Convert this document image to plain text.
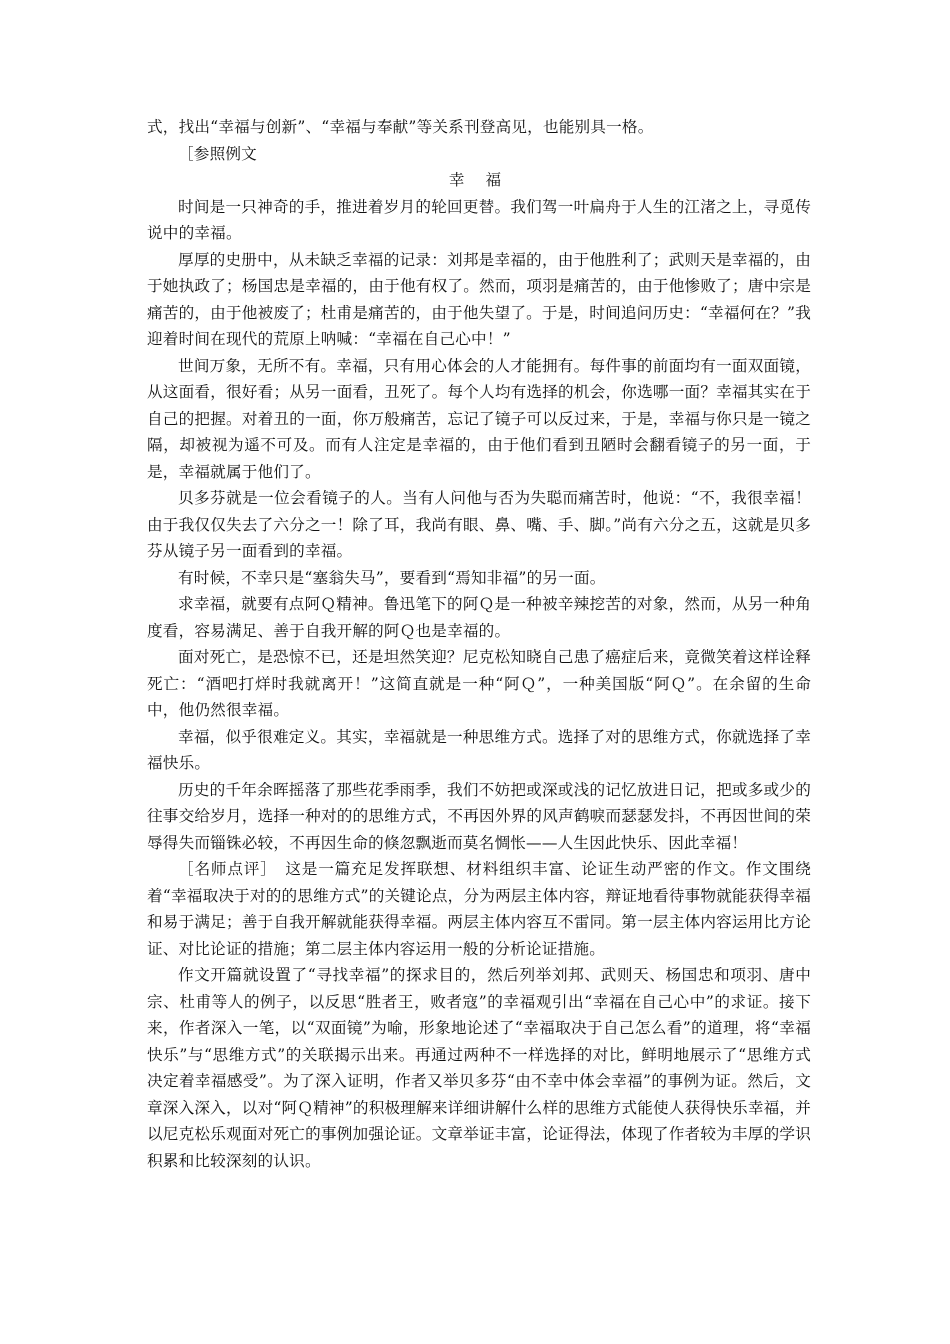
式，找出“幸福与创新”、“幸福与奉献”等关系刊登高见，也能别具一格。

［参照例文

幸 福

时间是一只神奇的手，推进着岁月的轮回更替。我们驾一叶扁舟于人生的江渚之上，寻觅传说中的幸福。

厚厚的史册中，从未缺乏幸福的记录：刘邦是幸福的，由于他胜利了；武则天是幸福的，由于她执政了；杨国忠是幸福的，由于他有权了。然而，项羽是痛苦的，由于他惨败了；唐中宗是痛苦的，由于他被废了；杜甫是痛苦的，由于他失望了。于是，时间追问历史：“幸福何在？”我迎着时间在现代的荒原上呐喊：“幸福在自己心中！”

世间万象，无所不有。幸福，只有用心体会的人才能拥有。每件事的前面均有一面双面镜，从这面看，很好看；从另一面看，丑死了。每个人均有选择的机会，你选哪一面？幸福其实在于自己的把握。对着丑的一面，你万般痛苦，忘记了镜子可以反过来，于是，幸福与你只是一镜之隔，却被视为遥不可及。而有人注定是幸福的，由于他们看到丑陋时会翻看镜子的另一面，于是，幸福就属于他们了。

贝多芬就是一位会看镜子的人。当有人问他与否为失聪而痛苦时，他说：“不，我很幸福！由于我仅仅失去了六分之一！除了耳，我尚有眼、鼻、嘴、手、脚。”尚有六分之五，这就是贝多芬从镜子另一面看到的幸福。

有时候，不幸只是“塞翁失马”，要看到“焉知非福”的另一面。

求幸福，就要有点阿Ｑ精神。鲁迅笔下的阿Ｑ是一种被辛辣挖苦的对象，然而，从另一种角度看，容易满足、善于自我开解的阿Ｑ也是幸福的。

面对死亡，是恐惊不已，还是坦然笑迎？尼克松知晓自己患了癌症后来，竟微笑着这样诠释死亡：“酒吧打烊时我就离开！”这简直就是一种“阿Ｑ”，一种美国版“阿Ｑ”。在余留的生命中，他仍然很幸福。

幸福，似乎很难定义。其实，幸福就是一种思维方式。选择了对的思维方式，你就选择了幸福快乐。

历史的千年余晖摇落了那些花季雨季，我们不妨把或深或浅的记忆放进日记，把或多或少的往事交给岁月，选择一种对的的思维方式，不再因外界的风声鹤唳而瑟瑟发抖，不再因世间的荣辱得失而锱铢必较，不再因生命的倏忽飘逝而莫名惆怅——人生因此快乐、因此幸福！

［名师点评］　这是一篇充足发挥联想、材料组织丰富、论证生动严密的作文。作文围绕着“幸福取决于对的的思维方式”的关键论点，分为两层主体内容，辩证地看待事物就能获得幸福和易于满足；善于自我开解就能获得幸福。两层主体内容互不雷同。第一层主体内容运用比方论证、对比论证的措施；第二层主体内容运用一般的分析论证措施。

作文开篇就设置了“寻找幸福”的探求目的，然后列举刘邦、武则天、杨国忠和项羽、唐中宗、杜甫等人的例子，以反思“胜者王，败者寇”的幸福观引出“幸福在自己心中”的求证。接下来，作者深入一笔，以“双面镜”为喻，形象地论述了“幸福取决于自己怎么看”的道理，将“幸福快乐”与“思维方式”的关联揭示出来。再通过两种不一样选择的对比，鲜明地展示了“思维方式决定着幸福感受”。为了深入证明，作者又举贝多芬“由不幸中体会幸福”的事例为证。然后，文章深入深入，以对“阿Ｑ精神”的积极理解来详细讲解什么样的思维方式能使人获得快乐幸福，并以尼克松乐观面对死亡的事例加强论证。文章举证丰富，论证得法，体现了作者较为丰厚的学识积累和比较深刻的认识。
